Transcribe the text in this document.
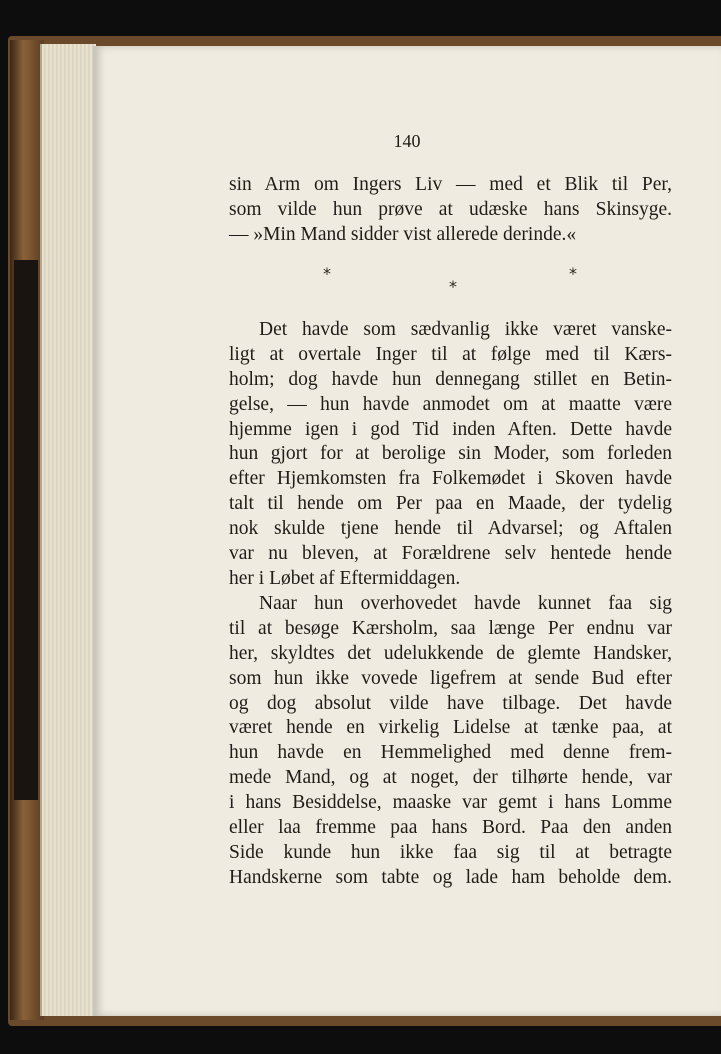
140
sin Arm om Ingers Liv — med et Blik til Per,
som vilde hun prøve at udæske hans Skinsyge.
— »Min Mand sidder vist allerede derinde.«
*
*
*
Det havde som sædvanlig ikke været vanske-
ligt at overtale Inger til at følge med til Kærs-
holm; dog havde hun dennegang stillet en Betin-
gelse, — hun havde anmodet om at maatte være
hjemme igen i god Tid inden Aften. Dette havde
hun gjort for at berolige sin Moder, som forleden
efter Hjemkomsten fra Folkemødet i Skoven havde
talt til hende om Per paa en Maade, der tydelig
nok skulde tjene hende til Advarsel; og Aftalen
var nu bleven, at Forældrene selv hentede hende
her i Løbet af Eftermiddagen.
Naar hun overhovedet havde kunnet faa sig
til at besøge Kærsholm, saa længe Per endnu var
her, skyldtes det udelukkende de glemte Handsker,
som hun ikke vovede ligefrem at sende Bud efter
og dog absolut vilde have tilbage. Det havde
været hende en virkelig Lidelse at tænke paa, at
hun havde en Hemmelighed med denne frem-
mede Mand, og at noget, der tilhørte hende, var
i hans Besiddelse, maaske var gemt i hans Lomme
eller laa fremme paa hans Bord. Paa den anden
Side kunde hun ikke faa sig til at betragte
Handskerne som tabte og lade ham beholde dem.
